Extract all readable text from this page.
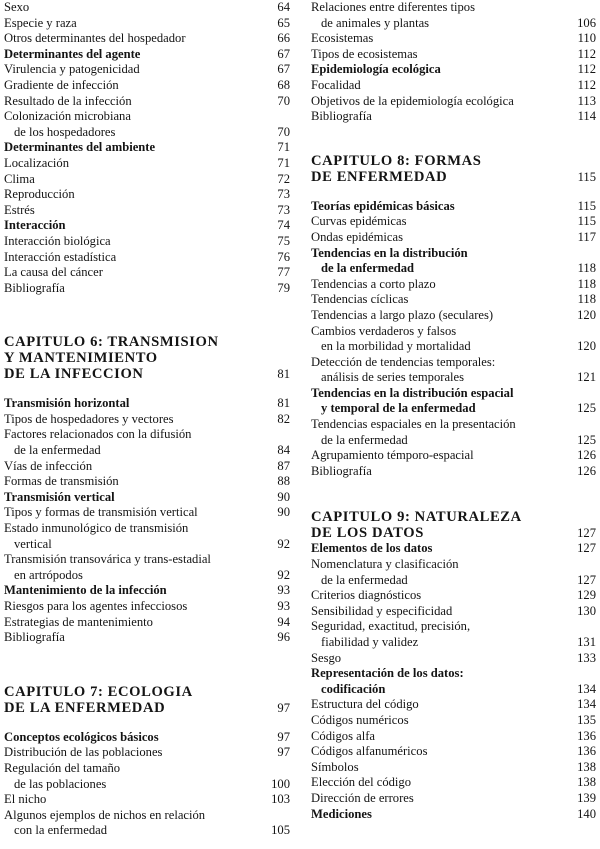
Sexo	64
Especie y raza	65
Otros determinantes del hospedador	66
Determinantes del agente	67
Virulencia y patogenicidad	67
Gradiente de infección	68
Resultado de la infección	70
Colonización microbiana
de los hospedadores	70
Determinantes del ambiente	71
Localización	71
Clima	72
Reproducción	73
Estrés	73
Interacción	74
Interacción biológica	75
Interacción estadística	76
La causa del cáncer	77
Bibliografía	79
CAPITULO 6: TRANSMISION
Y MANTENIMIENTO
DE LA INFECCION	81
Transmisión horizontal	81
Tipos de hospedadores y vectores	82
Factores relacionados con la difusión
de la enfermedad	84
Vías de infección	87
Formas de transmisión	88
Transmisión vertical	90
Tipos y formas de transmisión vertical	90
Estado inmunológico de transmisión
vertical	92
Transmisión transovárica y trans-estadial
en artrópodos	92
Mantenimiento de la infección	93
Riesgos para los agentes infecciosos	93
Estrategias de mantenimiento	94
Bibliografía	96
CAPITULO 7: ECOLOGIA
DE LA ENFERMEDAD	97
Conceptos ecológicos básicos	97
Distribución de las poblaciones	97
Regulación del tamaño
de las poblaciones	100
El nicho	103
Algunos ejemplos de nichos en relación
con la enfermedad	105
Relaciones entre diferentes tipos
de animales y plantas	106
Ecosistemas	110
Tipos de ecosistemas	112
Epidemiología ecológica	112
Focalidad	112
Objetivos de la epidemiología ecológica	113
Bibliografía	114
CAPITULO 8: FORMAS
DE ENFERMEDAD	115
Teorías epidémicas básicas	115
Curvas epidémicas	115
Ondas epidémicas	117
Tendencias en la distribución
de la enfermedad	118
Tendencias a corto plazo	118
Tendencias cíclicas	118
Tendencias a largo plazo (seculares)	120
Cambios verdaderos y falsos
en la morbilidad y mortalidad	120
Detección de tendencias temporales:
análisis de series temporales	121
Tendencias en la distribución espacial
y temporal de la enfermedad	125
Tendencias espaciales en la presentación
de la enfermedad	125
Agrupamiento témporo-espacial	126
Bibliografía	126
CAPITULO 9: NATURALEZA
DE LOS DATOS	127
Elementos de los datos	127
Nomenclatura y clasificación
de la enfermedad	127
Criterios diagnósticos	129
Sensibilidad y especificidad	130
Seguridad, exactitud, precisión,
fiabilidad y validez	131
Sesgo	133
Representación de los datos:
codificación	134
Estructura del código	134
Códigos numéricos	135
Códigos alfa	136
Códigos alfanuméricos	136
Símbolos	138
Elección del código	138
Dirección de errores	139
Mediciones	140
